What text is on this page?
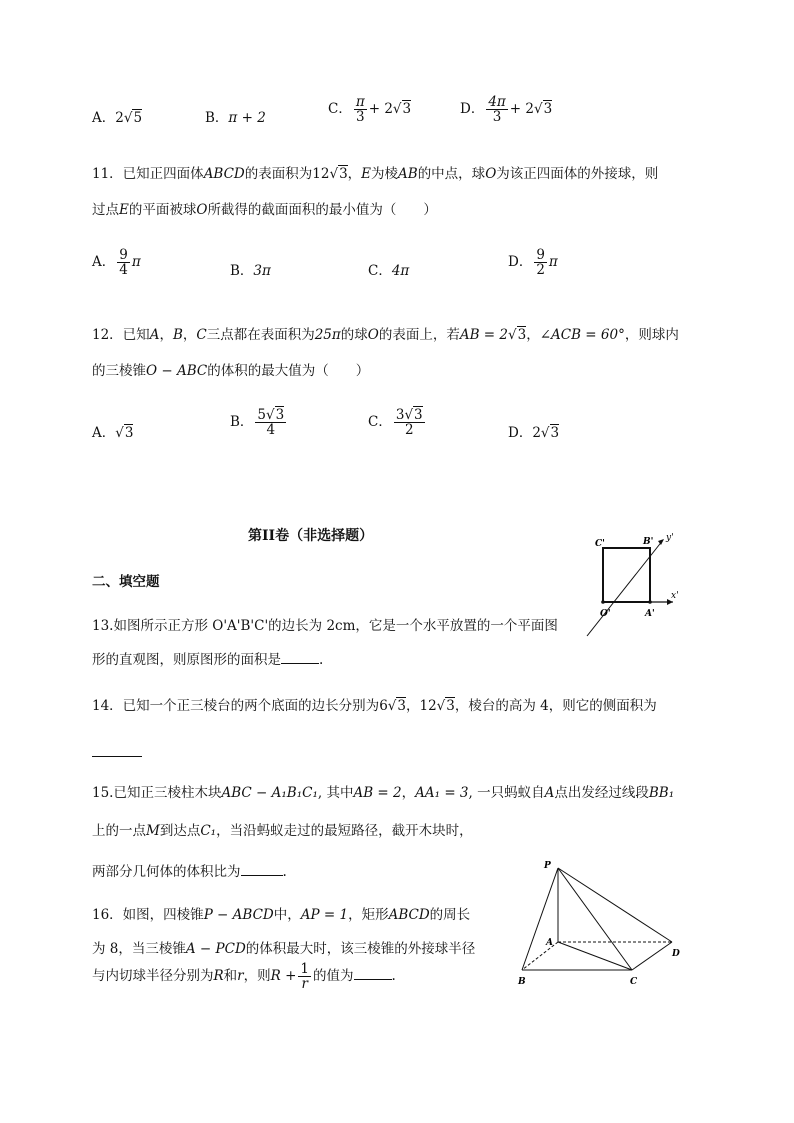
A．2√5	B．π + 2
C． $\frac{\pi}{3} + 2√3$	D． $\frac{4\pi}{3} + 2√3$
11．已知正四面体ABCD的表面积为12√3，E为棱AB的中点，球O为该正四面体的外接球，则
过点E的平面被球O所截得的截面面积的最小值为（　　）
A． $\frac{9}{4}$ π
B．3π	C．4π
D． $\frac{9}{2}$ π
12．已知A，B，C三点都在表面积为25π的球O的表面上，若AB = 2√3，∠ACB = 60°，则球内
的三棱锥O − ABC的体积的最大值为（　　）
A．√3
B． $\frac{5√3}{4}$	C． $\frac{3√3}{2}$	D．2√3
第II卷（非选择题）
二、填空题
13.如图所示正方形 O'A'B'C'的边长为 2cm，它是一个水平放置的一个平面图
形的直观图，则原图形的面积是	.
C'	B'
O'	A'
x'
y'
14．已知一个正三棱台的两个底面的边长分别为6√3，12√3，棱台的高为 4，则它的侧面积为
15.已知正三棱柱木块ABC − A₁B₁C₁, 其中AB = 2，AA₁ = 3, 一只蚂蚁自A点出发经过线段BB₁
上的一点M到达点C₁，当沿蚂蚁走过的最短路径，截开木块时，
两部分几何体的体积比为	.
16．如图，四棱锥P − ABCD中，AP = 1，矩形ABCD的周长
为 8，当三棱锥A − PCD的体积最大时，该三棱锥的外接球半径
与内切球半径分别为R和r，则$R + \frac{1}{r}$ 的值为	.
P
A
B	C
D
